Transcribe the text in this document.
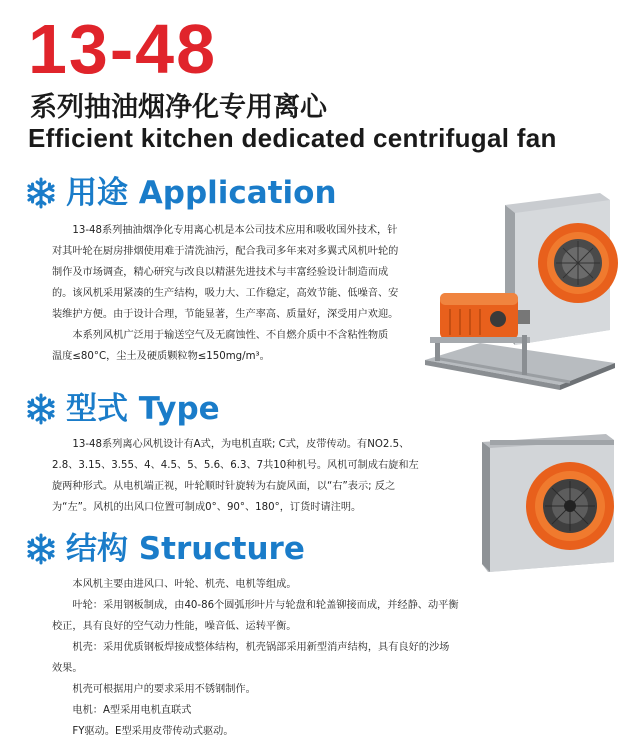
13-48
系列抽油烟净化专用离心
Efficient kitchen dedicated centrifugal fan
用途 Application

13-48系列抽油烟净化专用离心机是本公司技术应用和吸收国外技术，针

对其叶轮在厨房排烟使用难于清洗油污，配合我司多年来对多翼式风机叶轮的

制作及市场调查，精心研究与改良以精湛先进技术与丰富经验设计制造而成

的。该风机采用紧凑的生产结构，吸力大、工作稳定，高效节能、低噪音、安

装维护方便。由于设计合理，节能显著，生产率高、质量好，深受用户欢迎。

本系列风机广泛用于输送空气及无腐蚀性、不自燃介质中不含粘性物质

温度≤80°C，尘土及硬质颗粒物≤150mg/m³。

型式 Type

13-48系列离心风机设计有A式，为电机直联; C式，皮带传动。有NO2.5、

2.8、3.15、3.55、4、4.5、5、5.6、6.3、7共10种机号。风机可制成右旋和左

旋两种形式。从电机端正视，叶轮顺时针旋转为右旋风面，以“右”表示; 反之

为“左”。风机的出风口位置可制成0°、90°、180°，订货时请注明。

结构 Structure

本风机主要由进风口、叶轮、机壳、电机等组成。

叶轮：采用钢板制成，由40-86个圆弧形叶片与轮盘和轮盖铆接而成，并经静、动平衡

校正，具有良好的空气动力性能，噪音低、运转平衡。

机壳：采用优质钢板焊接成整体结构，机壳锅部采用新型消声结构，具有良好的沙场

效果。

机壳可根据用户的要求采用不锈钢制作。

电机：A型采用电机直联式

FY驱动。E型采用皮带传动式驱动。
